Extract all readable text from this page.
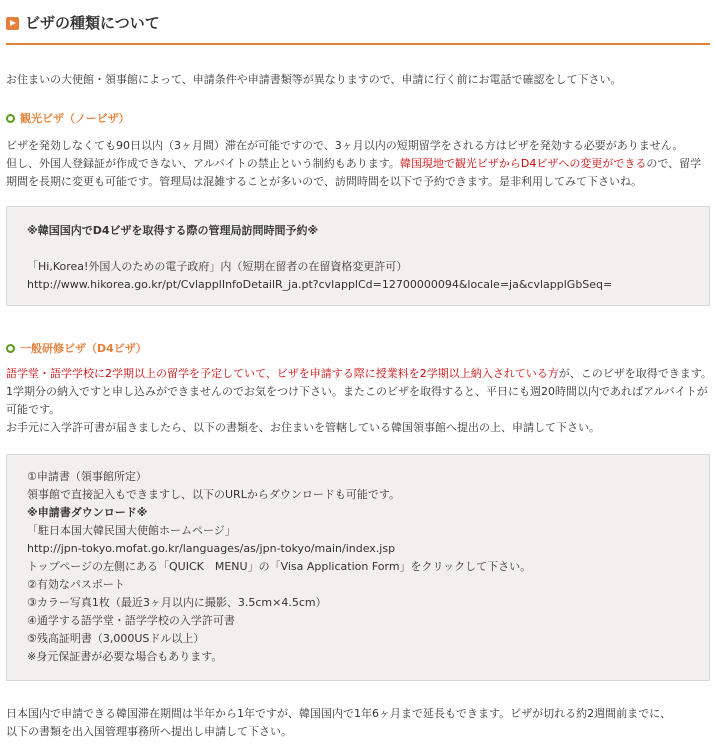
ビザの種類について
お住まいの大使館・領事館によって、申請条件や申請書類等が異なりますので、申請に行く前にお電話で確認をして下さい。
観光ビザ（ノービザ）
ビザを発効しなくても90日以内（3ヶ月間）滞在が可能ですので、3ヶ月以内の短期留学をされる方はビザを発効する必要がありません。
但し、外国人登録証が作成できない、アルバイトの禁止という制約もあります。韓国現地で観光ビザからD4ビザへの変更ができるので、留学
期間を長期に変更も可能です。管理局は混雑することが多いので、訪問時間を以下で予約できます。是非利用してみて下さいね。
※韓国国内でD4ビザを取得する際の管理局訪問時間予約※
「Hi,Korea!外国人のための電子政府」内（短期在留者の在留資格変更許可）
http://www.hikorea.go.kr/pt/CvlapplInfoDetailR_ja.pt?cvlapplCd=12700000094&locale=ja&cvlapplGbSeq=
一般研修ビザ（D4ビザ）
語学堂・語学学校に2学期以上の留学を予定していて、ビザを申請する際に授業料を2学期以上納入されている方が、このビザを取得できます。
1学期分の納入ですと申し込みができませんのでお気をつけ下さい。またこのビザを取得すると、平日にも週20時間以内であればアルバイトが
可能です。
お手元に入学許可書が届きましたら、以下の書類を、お住まいを管轄している韓国領事館へ提出の上、申請して下さい。
①申請書（領事館所定）
領事館で直接記入もできますし、以下のURLからダウンロードも可能です。
※申請書ダウンロード※
「駐日本国大韓民国大使館ホームページ」
http://jpn-tokyo.mofat.go.kr/languages/as/jpn-tokyo/main/index.jsp
トップページの左側にある「QUICK　MENU」の「Visa Application Form」をクリックして下さい。
②有効なパスポート
③カラー写真1枚（最近3ヶ月以内に撮影、3.5cm×4.5cm）
④通学する語学堂・語学学校の入学許可書
⑤残高証明書（3,000USドル以上）
※身元保証書が必要な場合もあります。
日本国内で申請できる韓国滞在期間は半年から1年ですが、韓国国内で1年6ヶ月まで延長もできます。ビザが切れる約2週間前までに、
以下の書類を出入国管理事務所へ提出し申請して下さい。
